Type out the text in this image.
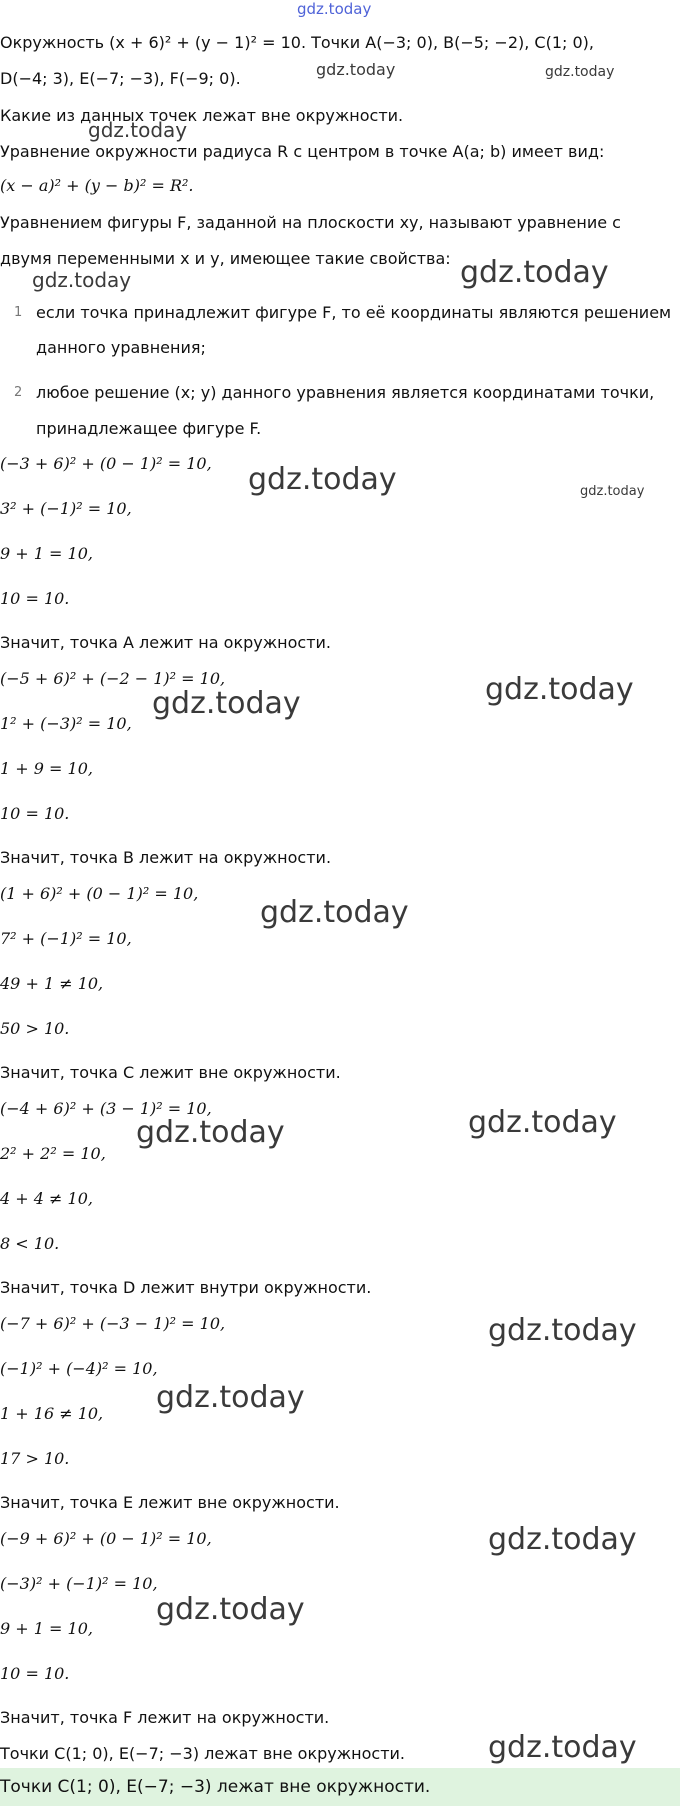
gdz.today
gdz.today	gdz.today
gdz.today
gdz.today	gdz.today
gdz.today	gdz.today
gdz.today	gdz.today
gdz.today
gdz.today	gdz.today
gdz.today
gdz.today
gdz.today
gdz.today
gdz.today
Окружность (x + 6)² + (y − 1)² = 10. Точки A(−3; 0), B(−5; −2), C(1; 0),
D(−4; 3), E(−7; −3), F(−9; 0).
Какие из данных точек лежат вне окружности.
Уравнение окружности радиуса R с центром в точке A(a; b) имеет вид:
(x − a)² + (y − b)² = R².
Уравнением фигуры F, заданной на плоскости xy, называют уравнение с
двумя переменными x и y, имеющее такие свойства:
1 если точка принадлежит фигуре F, то её координаты являются решением
данного уравнения;
2 любое решение (x; y) данного уравнения является координатами точки,
принадлежащее фигуре F.
(−3 + 6)² + (0 − 1)² = 10,
3² + (−1)² = 10,
9 + 1 = 10,
10 = 10.
Значит, точка A лежит на окружности.
(−5 + 6)² + (−2 − 1)² = 10,
1² + (−3)² = 10,
1 + 9 = 10,
10 = 10.
Значит, точка B лежит на окружности.
(1 + 6)² + (0 − 1)² = 10,
7² + (−1)² = 10,
49 + 1 ≠ 10,
50 > 10.
Значит, точка C лежит вне окружности.
(−4 + 6)² + (3 − 1)² = 10,
2² + 2² = 10,
4 + 4 ≠ 10,
8 < 10.
Значит, точка D лежит внутри окружности.
(−7 + 6)² + (−3 − 1)² = 10,
(−1)² + (−4)² = 10,
1 + 16 ≠ 10,
17 > 10.
Значит, точка E лежит вне окружности.
(−9 + 6)² + (0 − 1)² = 10,
(−3)² + (−1)² = 10,
9 + 1 = 10,
10 = 10.
Значит, точка F лежит на окружности.
Точки C(1; 0), E(−7; −3) лежат вне окружности.
Точки C(1; 0), E(−7; −3) лежат вне окружности.
